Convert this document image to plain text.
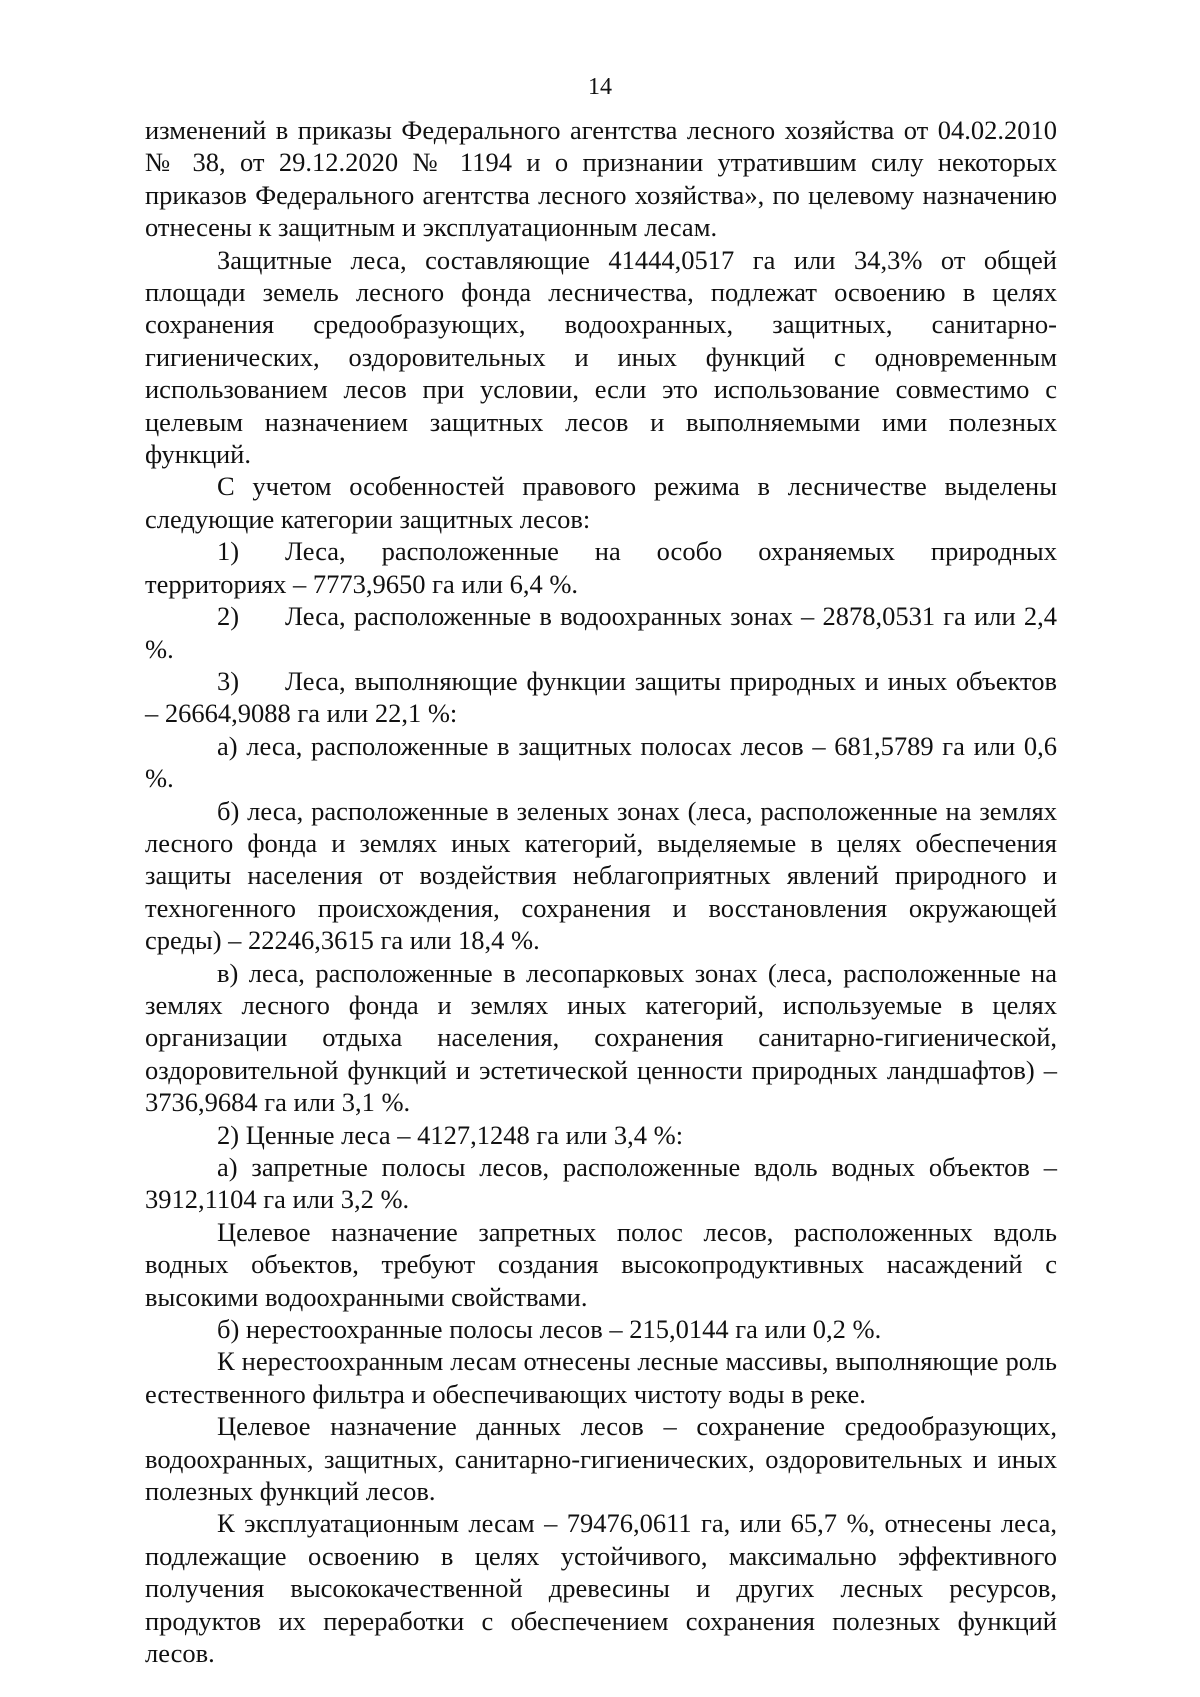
14

изменений в приказы Федерального агентства лесного хозяйства от 04.02.2010 № 38, от 29.12.2020 № 1194 и о признании утратившим силу некоторых приказов Федерального агентства лесного хозяйства», по целевому назначению отнесены к защитным и эксплуатационным лесам.

Защитные леса, составляющие 41444,0517 га или 34,3% от общей площади земель лесного фонда лесничества, подлежат освоению в целях сохранения средообразующих, водоохранных, защитных, санитарно-гигиенических, оздоровительных и иных функций с одновременным использованием лесов при условии, если это использование совместимо с целевым назначением защитных лесов и выполняемыми ими полезных функций.

С учетом особенностей правового режима в лесничестве выделены следующие категории защитных лесов:

1) Леса, расположенные на особо охраняемых природных территориях – 7773,9650 га или 6,4 %.

2) Леса, расположенные в водоохранных зонах – 2878,0531 га или 2,4 %.

3) Леса, выполняющие функции защиты природных и иных объектов – 26664,9088 га или 22,1 %:

а) леса, расположенные в защитных полосах лесов – 681,5789 га или 0,6 %.

б) леса, расположенные в зеленых зонах (леса, расположенные на землях лесного фонда и землях иных категорий, выделяемые в целях обеспечения защиты населения от воздействия неблагоприятных явлений природного и техногенного происхождения, сохранения и восстановления окружающей среды) – 22246,3615 га или 18,4 %.

в) леса, расположенные в лесопарковых зонах (леса, расположенные на землях лесного фонда и землях иных категорий, используемые в целях организации отдыха населения, сохранения санитарно-гигиенической, оздоровительной функций и эстетической ценности природных ландшафтов) – 3736,9684 га или 3,1 %.

2) Ценные леса – 4127,1248 га или 3,4 %:

а) запретные полосы лесов, расположенные вдоль водных объектов – 3912,1104 га или 3,2 %.

Целевое назначение запретных полос лесов, расположенных вдоль водных объектов, требуют создания высокопродуктивных насаждений с высокими водоохранными свойствами.

б) нерестоохранные полосы лесов – 215,0144 га или 0,2 %.

К нерестоохранным лесам отнесены лесные массивы, выполняющие роль естественного фильтра и обеспечивающих чистоту воды в реке.

Целевое назначение данных лесов – сохранение средообразующих, водоохранных, защитных, санитарно-гигиенических, оздоровительных и иных полезных функций лесов.

К эксплуатационным лесам – 79476,0611 га, или 65,7 %, отнесены леса, подлежащие освоению в целях устойчивого, максимально эффективного получения высококачественной древесины и других лесных ресурсов, продуктов их переработки с обеспечением сохранения полезных функций лесов.
